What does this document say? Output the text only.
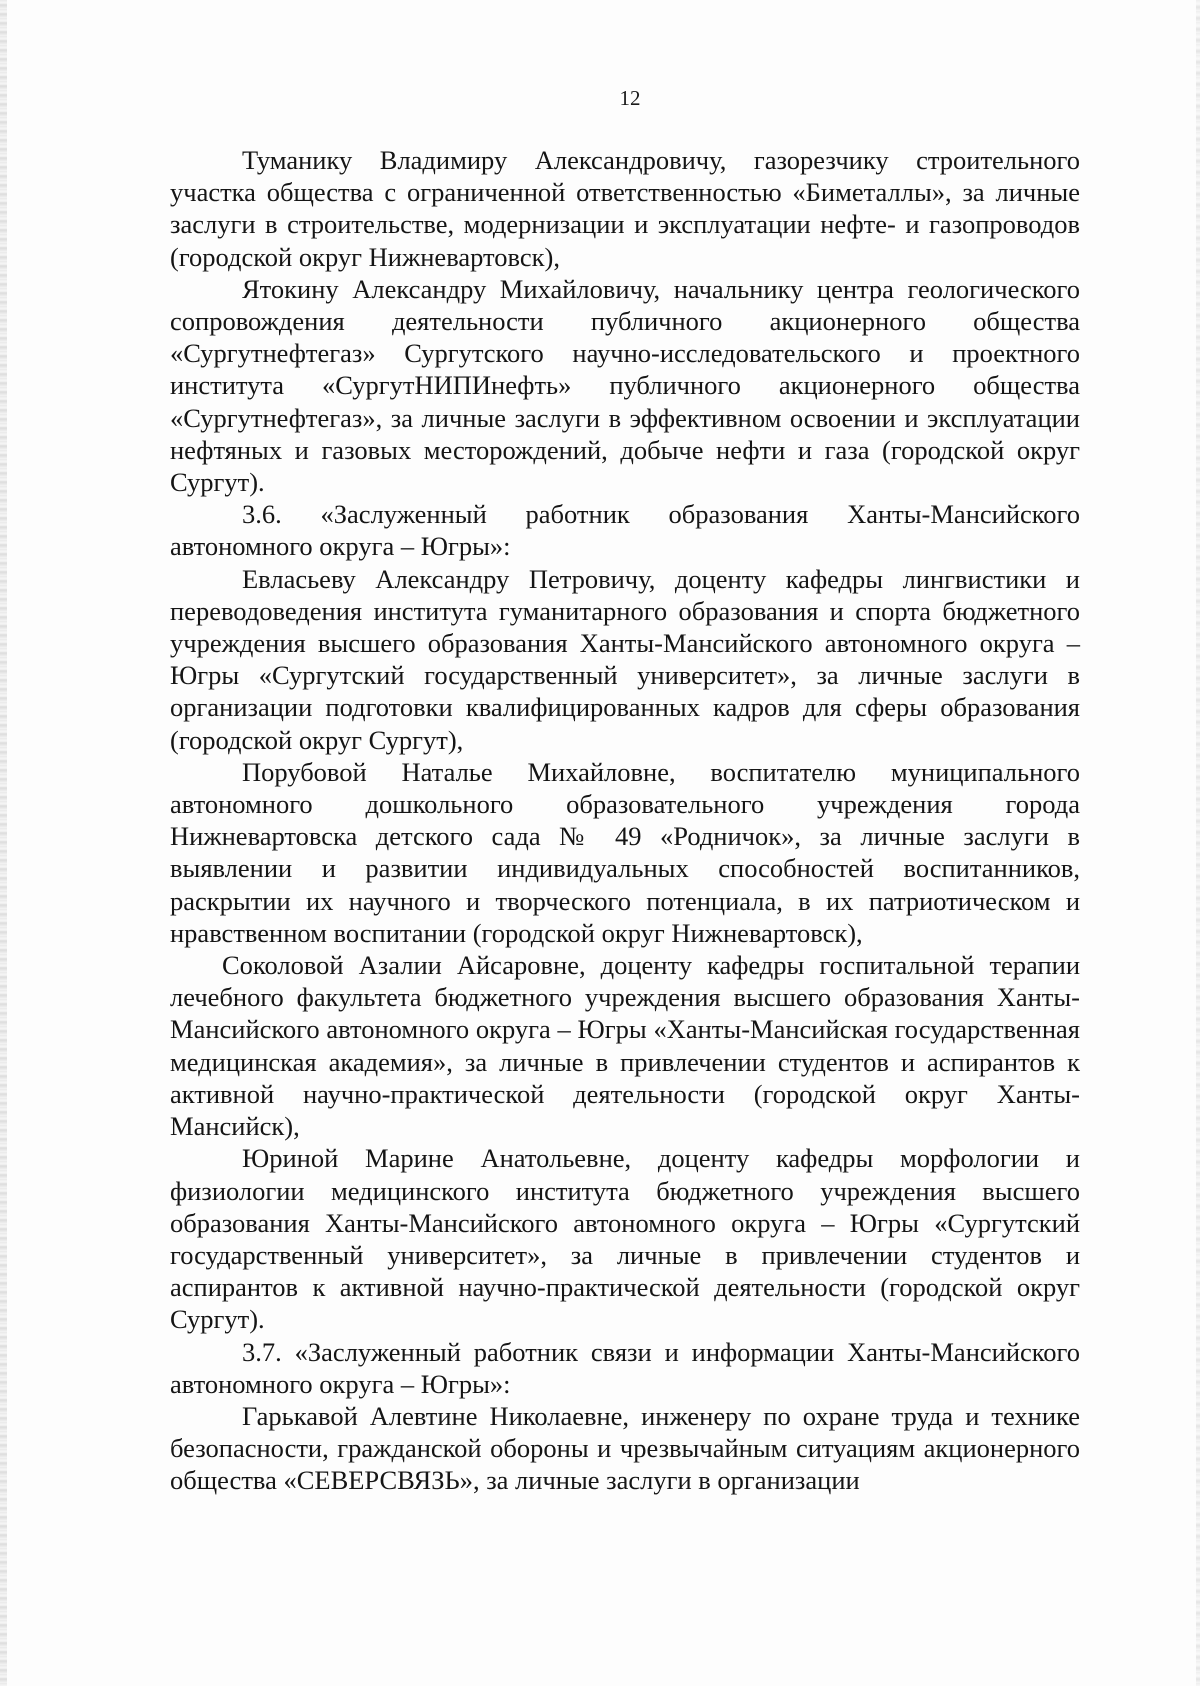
12

Туманику Владимиру Александровичу, газорезчику строительного участка общества с ограниченной ответственностью «Биметаллы», за личные заслуги в строительстве, модернизации и эксплуатации нефте- и газопроводов (городской округ Нижневартовск),

Ятокину Александру Михайловичу, начальнику центра геологического сопровождения деятельности публичного акционерного общества «Сургутнефтегаз» Сургутского научно-исследовательского и проектного института «СургутНИПИнефть» публичного акционерного общества «Сургутнефтегаз», за личные заслуги в эффективном освоении и эксплуатации нефтяных и газовых месторождений, добыче нефти и газа (городской округ Сургут).

3.6. «Заслуженный работник образования Ханты-Мансийского автономного округа – Югры»:

Евласьеву Александру Петровичу, доценту кафедры лингвистики и переводоведения института гуманитарного образования и спорта бюджетного учреждения высшего образования Ханты-Мансийского автономного округа – Югры «Сургутский государственный университет», за личные заслуги в организации подготовки квалифицированных кадров для сферы образования (городской округ Сургут),

Порубовой Наталье Михайловне, воспитателю муниципального автономного дошкольного образовательного учреждения города Нижневартовска детского сада № 49 «Родничок», за личные заслуги в выявлении и развитии индивидуальных способностей воспитанников, раскрытии их научного и творческого потенциала, в их патриотическом и нравственном воспитании (городской округ Нижневартовск),

Соколовой Азалии Айсаровне, доценту кафедры госпитальной терапии лечебного факультета бюджетного учреждения высшего образования Ханты-Мансийского автономного округа – Югры «Ханты-Мансийская государственная медицинская академия», за личные в привлечении студентов и аспирантов к активной научно-практической деятельности (городской округ Ханты-Мансийск),

Юриной Марине Анатольевне, доценту кафедры морфологии и физиологии медицинского института бюджетного учреждения высшего образования Ханты-Мансийского автономного округа – Югры «Сургутский государственный университет», за личные в привлечении студентов и аспирантов к активной научно-практической деятельности (городской округ Сургут).

3.7. «Заслуженный работник связи и информации Ханты-Мансийского автономного округа – Югры»:

Гарькавой Алевтине Николаевне, инженеру по охране труда и технике безопасности, гражданской обороны и чрезвычайным ситуациям акционерного общества «СЕВЕРСВЯЗЬ», за личные заслуги в организации
